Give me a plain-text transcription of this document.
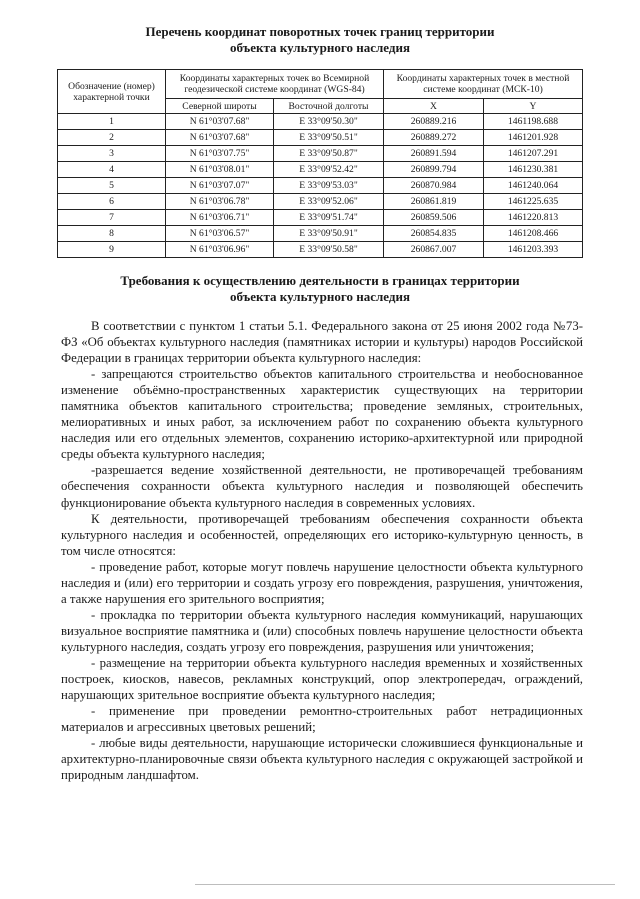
Перечень координат поворотных точек границ территории
объекта культурного наследия
Обозначение (номер) характерной точки	Координаты характерных точек во Всемирной геодезической системе координат (WGS-84)		Координаты характерных точек в местной системе координат (МСК-10)	
	Северной широты	Восточной долготы	X	Y
1	N 61°03'07.68"	E 33°09'50.30"	260889.216	1461198.688
2	N 61°03'07.68"	E 33°09'50.51"	260889.272	1461201.928
3	N 61°03'07.75"	E 33°09'50.87"	260891.594	1461207.291
4	N 61°03'08.01"	E 33°09'52.42"	260899.794	1461230.381
5	N 61°03'07.07"	E 33°09'53.03"	260870.984	1461240.064
6	N 61°03'06.78"	E 33°09'52.06"	260861.819	1461225.635
7	N 61°03'06.71"	E 33°09'51.74"	260859.506	1461220.813
8	N 61°03'06.57"	E 33°09'50.91"	260854.835	1461208.466
9	N 61°03'06.96"	E 33°09'50.58"	260867.007	1461203.393
Требования к осуществлению деятельности в границах территории
объекта культурного наследия

В соответствии с пунктом 1 статьи 5.1. Федерального закона от 25 июня 2002 года №73-ФЗ «Об объектах культурного наследия (памятниках истории и культуры) народов Российской Федерации в границах территории объекта культурного наследия:

- запрещаются строительство объектов капитального строительства и необоснованное изменение объёмно-пространственных характеристик существующих на территории памятника объектов капитального строительства; проведение земляных, строительных, мелиоративных и иных работ, за исключением работ по сохранению объекта культурного наследия или его отдельных элементов, сохранению историко-архитектурной или природной среды объекта культурного наследия;

-разрешается ведение хозяйственной деятельности, не противоречащей требованиям обеспечения сохранности объекта культурного наследия и позволяющей обеспечить функционирование объекта культурного наследия в современных условиях.

К деятельности, противоречащей требованиям обеспечения сохранности объекта культурного наследия и особенностей, определяющих его историко-культурную ценность, в том числе относятся:

- проведение работ, которые могут повлечь нарушение целостности объекта культурного наследия и (или) его территории и создать угрозу его повреждения, разрушения, уничтожения, а также нарушения его зрительного восприятия;

- прокладка по территории объекта культурного наследия коммуникаций, нарушающих визуальное восприятие памятника и (или) способных повлечь нарушение целостности объекта культурного наследия, создать угрозу его повреждения, разрушения или уничтожения;

- размещение на территории объекта культурного наследия временных и хозяйственных построек, киосков, навесов, рекламных конструкций, опор электропередач, ограждений, нарушающих зрительное восприятие объекта культурного наследия;

- применение при проведении ремонтно-строительных работ нетрадиционных материалов и агрессивных цветовых решений;

- любые виды деятельности, нарушающие исторически сложившиеся функциональные и архитектурно-планировочные связи объекта культурного наследия с окружающей застройкой и природным ландшафтом.
